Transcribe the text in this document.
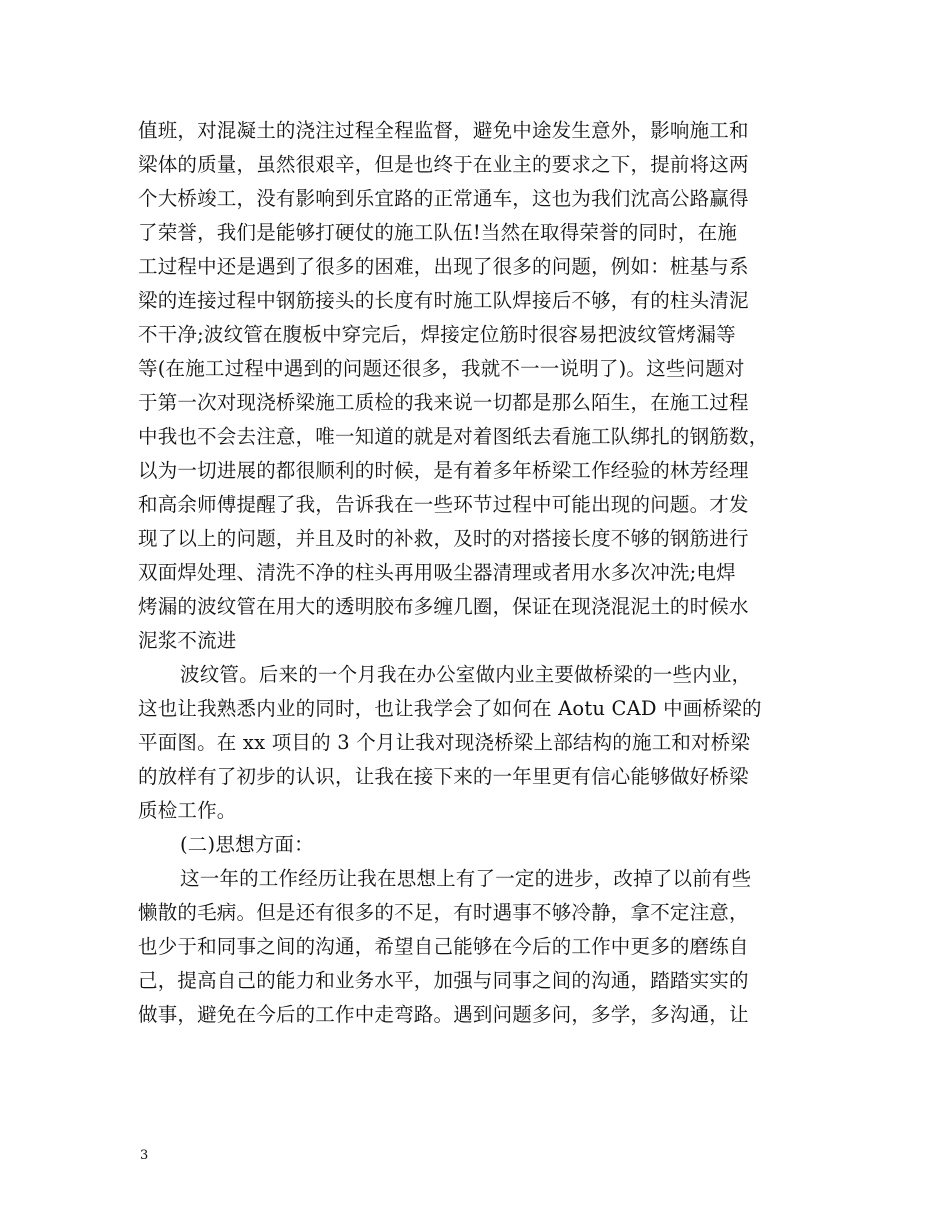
值班，对混凝土的浇注过程全程监督，避免中途发生意外，影响施工和
梁体的质量，虽然很艰辛，但是也终于在业主的要求之下，提前将这两
个大桥竣工，没有影响到乐宜路的正常通车，这也为我们沈高公路赢得
了荣誉，我们是能够打硬仗的施工队伍!当然在取得荣誉的同时，在施
工过程中还是遇到了很多的困难，出现了很多的问题，例如：桩基与系
梁的连接过程中钢筋接头的长度有时施工队焊接后不够，有的柱头清泥
不干净;波纹管在腹板中穿完后，焊接定位筋时很容易把波纹管烤漏等
等(在施工过程中遇到的问题还很多，我就不一一说明了)。这些问题对
于第一次对现浇桥梁施工质检的我来说一切都是那么陌生，在施工过程
中我也不会去注意，唯一知道的就是对着图纸去看施工队绑扎的钢筋数，
以为一切进展的都很顺利的时候，是有着多年桥梁工作经验的林芳经理
和高余师傅提醒了我，告诉我在一些环节过程中可能出现的问题。才发
现了以上的问题，并且及时的补救，及时的对搭接长度不够的钢筋进行
双面焊处理、清洗不净的柱头再用吸尘器清理或者用水多次冲洗;电焊
烤漏的波纹管在用大的透明胶布多缠几圈，保证在现浇混泥土的时候水
泥浆不流进
波纹管。后来的一个月我在办公室做内业主要做桥梁的一些内业，
这也让我熟悉内业的同时，也让我学会了如何在 Aotu CAD 中画桥梁的
平面图。在 xx 项目的 3 个月让我对现浇桥梁上部结构的施工和对桥梁
的放样有了初步的认识，让我在接下来的一年里更有信心能够做好桥梁
质检工作。
(二)思想方面：
这一年的工作经历让我在思想上有了一定的进步，改掉了以前有些
懒散的毛病。但是还有很多的不足，有时遇事不够冷静，拿不定注意，
也少于和同事之间的沟通，希望自己能够在今后的工作中更多的磨练自
己，提高自己的能力和业务水平，加强与同事之间的沟通，踏踏实实的
做事，避免在今后的工作中走弯路。遇到问题多问，多学，多沟通，让
3
